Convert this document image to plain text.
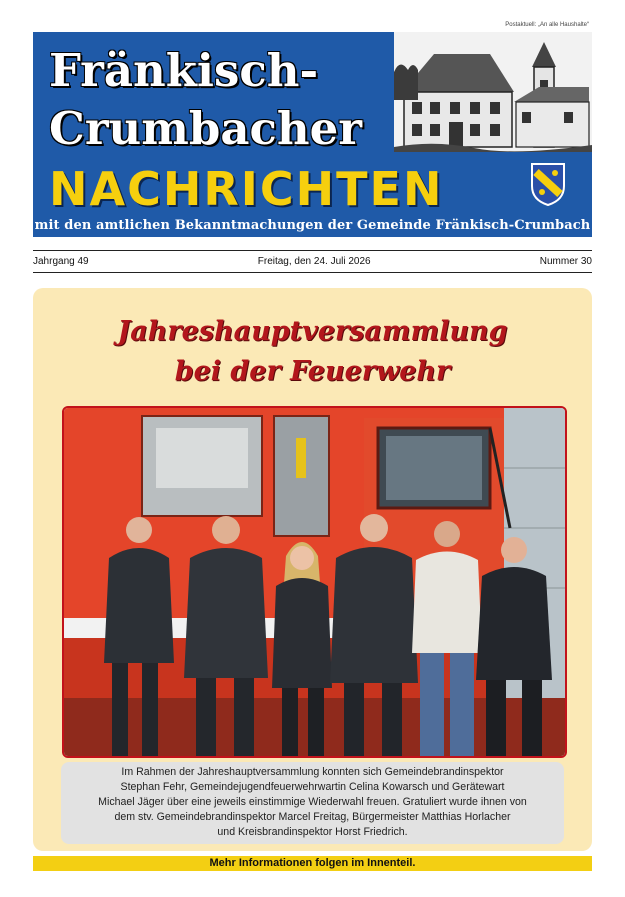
Postaktuell: „An alle Haushalte“
Fränkisch-
Crumbacher
NACHRICHTEN
mit den amtlichen Bekanntmachungen der Gemeinde Fränkisch-Crumbach
Jahrgang 49	Freitag, den 24. Juli 2026	Nummer 30
Jahreshauptversammlung
bei der Feuerwehr
Im Rahmen der Jahreshauptversammlung konnten sich Gemeindebrandinspektor
Stephan Fehr, Gemeindejugendfeuerwehrwartin Celina Kowarsch und Gerätewart
Michael Jäger über eine jeweils einstimmige Wiederwahl freuen. Gratuliert wurde ihnen von
dem stv. Gemeindebrandinspektor Marcel Freitag, Bürgermeister Matthias Horlacher
und Kreisbrandinspektor Horst Friedrich.
Mehr Informationen folgen im Innenteil.
